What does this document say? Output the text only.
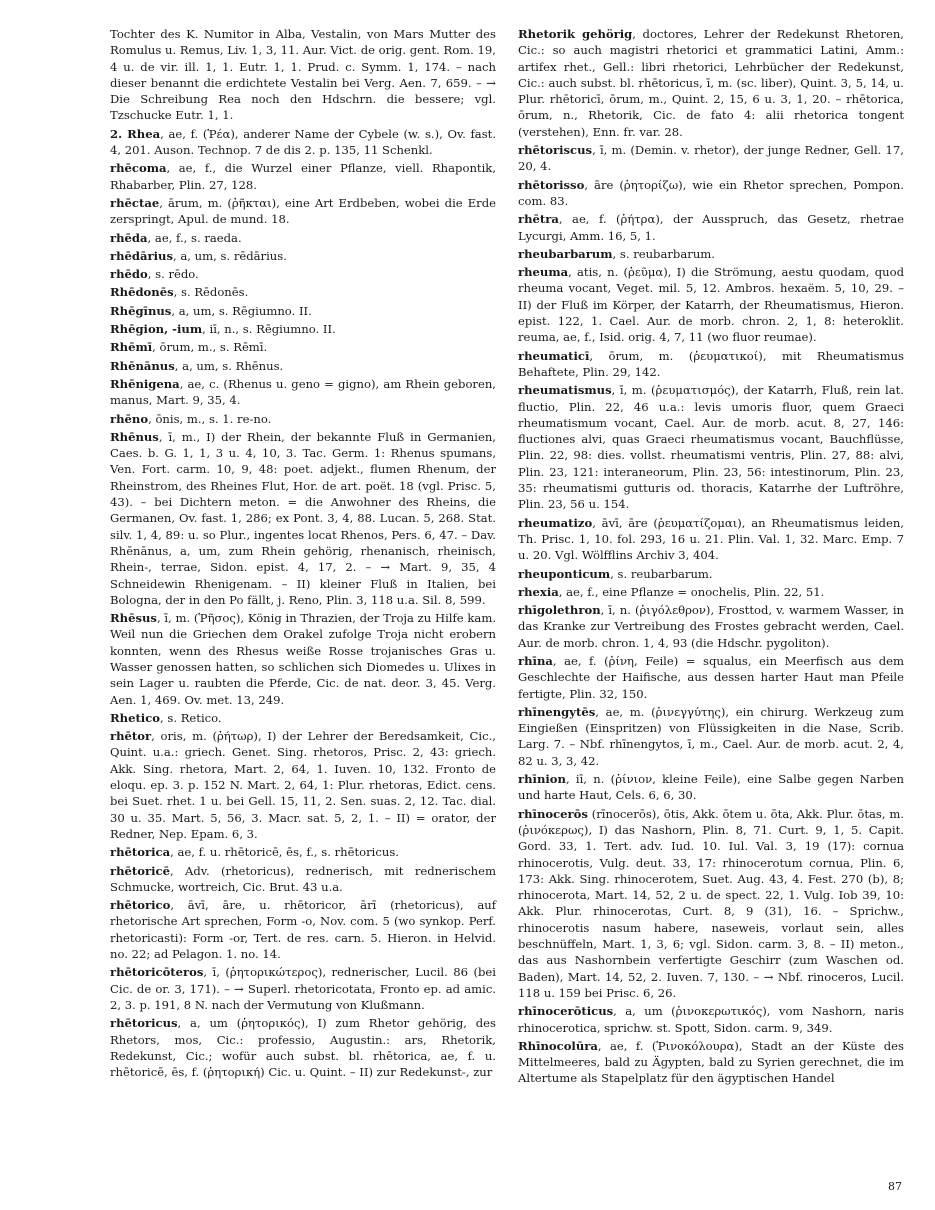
Tochter des K. Numitor in Alba, Vestalin, von Mars Mutter des Romulus u. Remus, Liv. 1, 3, 11. Aur. Vict. de orig. gent. Rom. 19, 4 u. de vir. ill. 1, 1. Eutr. 1, 1. Prud. c. Symm. 1, 174. – nach dieser benannt die erdichtete Vestalin bei Verg. Aen. 7, 659. – → Die Schreibung Rea noch den Hdschrn. die bessere; vgl. Tzschucke Eutr. 1, 1.
2. Rhea, ae, f. (Ῥέα), anderer Name der Cybele (w. s.), Ov. fast. 4, 201. Auson. Technop. 7 de dis 2. p. 135, 11 Schenkl.
rhēcoma, ae, f., die Wurzel einer Pflanze, viell. Rhapontik, Rhabarber, Plin. 27, 128.
rhēctae, ārum, m. (ῥῆκται), eine Art Erdbeben, wobei die Erde zerspringt, Apul. de mund. 18.
rhēda, ae, f., s. raeda.
rhēdārius, a, um, s. rēdārius.
rhēdo, s. rēdo.
Rhēdonēs, s. Rēdonēs.
Rhēgīnus, a, um, s. Rēgiumno. II.
Rhēgion, -ium, iī, n., s. Rēgiumno. II.
Rhēmī, ōrum, m., s. Rēmī.
Rhēnānus, a, um, s. Rhēnus.
Rhēnigena, ae, c. (Rhenus u. geno = gigno), am Rhein geboren, manus, Mart. 9, 35, 4.
rhēno, ōnis, m., s. 1. re-no.
Rhēnus, ī, m., I) der Rhein, der bekannte Fluß in Germanien, Caes. b. G. 1, 1, 3 u. 4, 10, 3. Tac. Germ. 1: Rhenus spumans, Ven. Fort. carm. 10, 9, 48: poet. adjekt., flumen Rhenum, der Rheinstrom, des Rheines Flut, Hor. de art. poët. 18 (vgl. Prisc. 5, 43). – bei Dichtern meton. = die Anwohner des Rheins, die Germanen, Ov. fast. 1, 286; ex Pont. 3, 4, 88. Lucan. 5, 268. Stat. silv. 1, 4, 89: u. so Plur., ingentes locat Rhenos, Pers. 6, 47. – Dav. Rhēnānus, a, um, zum Rhein gehörig, rhenanisch, rheinisch, Rhein-, terrae, Sidon. epist. 4, 17, 2. – → Mart. 9, 35, 4 Schneidewin Rhenigenam. – II) kleiner Fluß in Italien, bei Bologna, der in den Po fällt, j. Reno, Plin. 3, 118 u.a. Sil. 8, 599.
Rhēsus, ī, m. (Ῥῆσος), König in Thrazien, der Troja zu Hilfe kam. Weil nun die Griechen dem Orakel zufolge Troja nicht erobern konnten, wenn des Rhesus weiße Rosse trojanisches Gras u. Wasser genossen hatten, so schlichen sich Diomedes u. Ulixes in sein Lager u. raubten die Pferde, Cic. de nat. deor. 3, 45. Verg. Aen. 1, 469. Ov. met. 13, 249.
Rhetico, s. Retico.
rhētor, oris, m. (ῥήτωρ), I) der Lehrer der Beredsamkeit, Cic., Quint. u.a.: griech. Genet. Sing. rhetoros, Prisc. 2, 43: griech. Akk. Sing. rhetora, Mart. 2, 64, 1. Iuven. 10, 132. Fronto de eloqu. ep. 3. p. 152 N. Mart. 2, 64, 1: Plur. rhetoras, Edict. cens. bei Suet. rhet. 1 u. bei Gell. 15, 11, 2. Sen. suas. 2, 12. Tac. dial. 30 u. 35. Mart. 5, 56, 3. Macr. sat. 5, 2, 1. – II) = orator, der Redner, Nep. Epam. 6, 3.
rhētorica, ae, f. u. rhētoricē, ēs, f., s. rhētoricus.
rhētoricē, Adv. (rhetoricus), rednerisch, mit rednerischem Schmucke, wortreich, Cic. Brut. 43 u.a.
rhētorico, āvī, āre, u. rhētoricor, ārī (rhetoricus), auf rhetorische Art sprechen, Form -o, Nov. com. 5 (wo synkop. Perf. rhetoricasti): Form -or, Tert. de res. carn. 5. Hieron. in Helvid. no. 22; ad Pelagon. 1. no. 14.
rhētoricōteros, ī, (ῥητορικώτερος), rednerischer, Lucil. 86 (bei Cic. de or. 3, 171). – → Superl. rhetoricotata, Fronto ep. ad amic. 2, 3. p. 191, 8 N. nach der Vermutung von Klußmann.
rhētoricus, a, um (ῥητορικός), I) zum Rhetor gehörig, des Rhetors, mos, Cic.: professio, Augustin.: ars, Rhetorik, Redekunst, Cic.; wofür auch subst. bl. rhētorica, ae, f. u. rhētoricē, ēs, f. (ῥητορική) Cic. u. Quint. – II) zur Redekunst-, zur
Rhetorik gehörig, doctores, Lehrer der Redekunst Rhetoren, Cic.: so auch magistri rhetorici et grammatici Latini, Amm.: artifex rhet., Gell.: libri rhetorici, Lehrbücher der Redekunst, Cic.: auch subst. bl. rhētoricus, ī, m. (sc. liber), Quint. 3, 5, 14, u. Plur. rhētoricī, ōrum, m., Quint. 2, 15, 6 u. 3, 1, 20. – rhētorica, ōrum, n., Rhetorik, Cic. de fato 4: alii rhetorica tongent (verstehen), Enn. fr. var. 28.
rhētoriscus, ī, m. (Demin. v. rhetor), der junge Redner, Gell. 17, 20, 4.
rhētorisso, āre (ῥητορίζω), wie ein Rhetor sprechen, Pompon. com. 83.
rhētra, ae, f. (ῥήτρα), der Ausspruch, das Gesetz, rhetrae Lycurgi, Amm. 16, 5, 1.
rheubarbarum, s. reubarbarum.
rheuma, atis, n. (ῥεῦμα), I) die Strömung, aestu quodam, quod rheuma vocant, Veget. mil. 5, 12. Ambros. hexaëm. 5, 10, 29. – II) der Fluß im Körper, der Katarrh, der Rheumatismus, Hieron. epist. 122, 1. Cael. Aur. de morb. chron. 2, 1, 8: heteroklit. reuma, ae, f., Isid. orig. 4, 7, 11 (wo fluor reumae).
rheumaticī, ōrum, m. (ῥευματικοί), mit Rheumatismus Behaftete, Plin. 29, 142.
rheumatismus, ī, m. (ῥευματισμός), der Katarrh, Fluß, rein lat. fluctio, Plin. 22, 46 u.a.: levis umoris fluor, quem Graeci rheumatismum vocant, Cael. Aur. de morb. acut. 8, 27, 146: fluctiones alvi, quas Graeci rheumatismus vocant, Bauchflüsse, Plin. 22, 98: dies. vollst. rheumatismi ventris, Plin. 27, 88: alvi, Plin. 23, 121: interaneorum, Plin. 23, 56: intestinorum, Plin. 23, 35: rheumatismi gutturis od. thoracis, Katarrhe der Luftröhre, Plin. 23, 56 u. 154.
rheumatizo, āvī, āre (ῥευματίζομαι), an Rheumatismus leiden, Th. Prisc. 1, 10. fol. 293, 16 u. 21. Plin. Val. 1, 32. Marc. Emp. 7 u. 20. Vgl. Wölfflins Archiv 3, 404.
rheuponticum, s. reubarbarum.
rhexia, ae, f., eine Pflanze = onochelis, Plin. 22, 51.
rhīgolethron, ī, n. (ῥιγόλεθρον), Frosttod, v. warmem Wasser, in das Kranke zur Vertreibung des Frostes gebracht werden, Cael. Aur. de morb. chron. 1, 4, 93 (die Hdschr. pygoliton).
rhīna, ae, f. (ῥίνη, Feile) = squalus, ein Meerfisch aus dem Geschlechte der Haifische, aus dessen harter Haut man Pfeile fertigte, Plin. 32, 150.
rhīnengytēs, ae, m. (ῥινεγγύτης), ein chirurg. Werkzeug zum Eingießen (Einspritzen) von Flüssigkeiten in die Nase, Scrib. Larg. 7. – Nbf. rhīnengytos, ī, m., Cael. Aur. de morb. acut. 2, 4, 82 u. 3, 3, 42.
rhīnion, iī, n. (ῥίνιον, kleine Feile), eine Salbe gegen Narben und harte Haut, Cels. 6, 6, 30.
rhīnocerōs (rīnocerōs), ōtis, Akk. ōtem u. ōta, Akk. Plur. ōtas, m. (ῥινόκερως), I) das Nashorn, Plin. 8, 71. Curt. 9, 1, 5. Capit. Gord. 33, 1. Tert. adv. Iud. 10. Iul. Val. 3, 19 (17): cornua rhinocerotis, Vulg. deut. 33, 17: rhinocerotum cornua, Plin. 6, 173: Akk. Sing. rhinocerotem, Suet. Aug. 43, 4. Fest. 270 (b), 8; rhinocerota, Mart. 14, 52, 2 u. de spect. 22, 1. Vulg. Iob 39, 10: Akk. Plur. rhinocerotas, Curt. 8, 9 (31), 16. – Sprichw., rhinocerotis nasum habere, naseweis, vorlaut sein, alles beschnüffeln, Mart. 1, 3, 6; vgl. Sidon. carm. 3, 8. – II) meton., das aus Nashornbein verfertigte Geschirr (zum Waschen od. Baden), Mart. 14, 52, 2. Iuven. 7, 130. – → Nbf. rinoceros, Lucil. 118 u. 159 bei Prisc. 6, 26.
rhīnocerōticus, a, um (ῥινοκερωτικός), vom Nashorn, naris rhinocerotica, sprichw. st. Spott, Sidon. carm. 9, 349.
Rhīnocolūra, ae, f. (Ῥινοκόλουρα), Stadt an der Küste des Mittelmeeres, bald zu Ägypten, bald zu Syrien gerechnet, die im Altertume als Stapelplatz für den ägyptischen Handel
87
